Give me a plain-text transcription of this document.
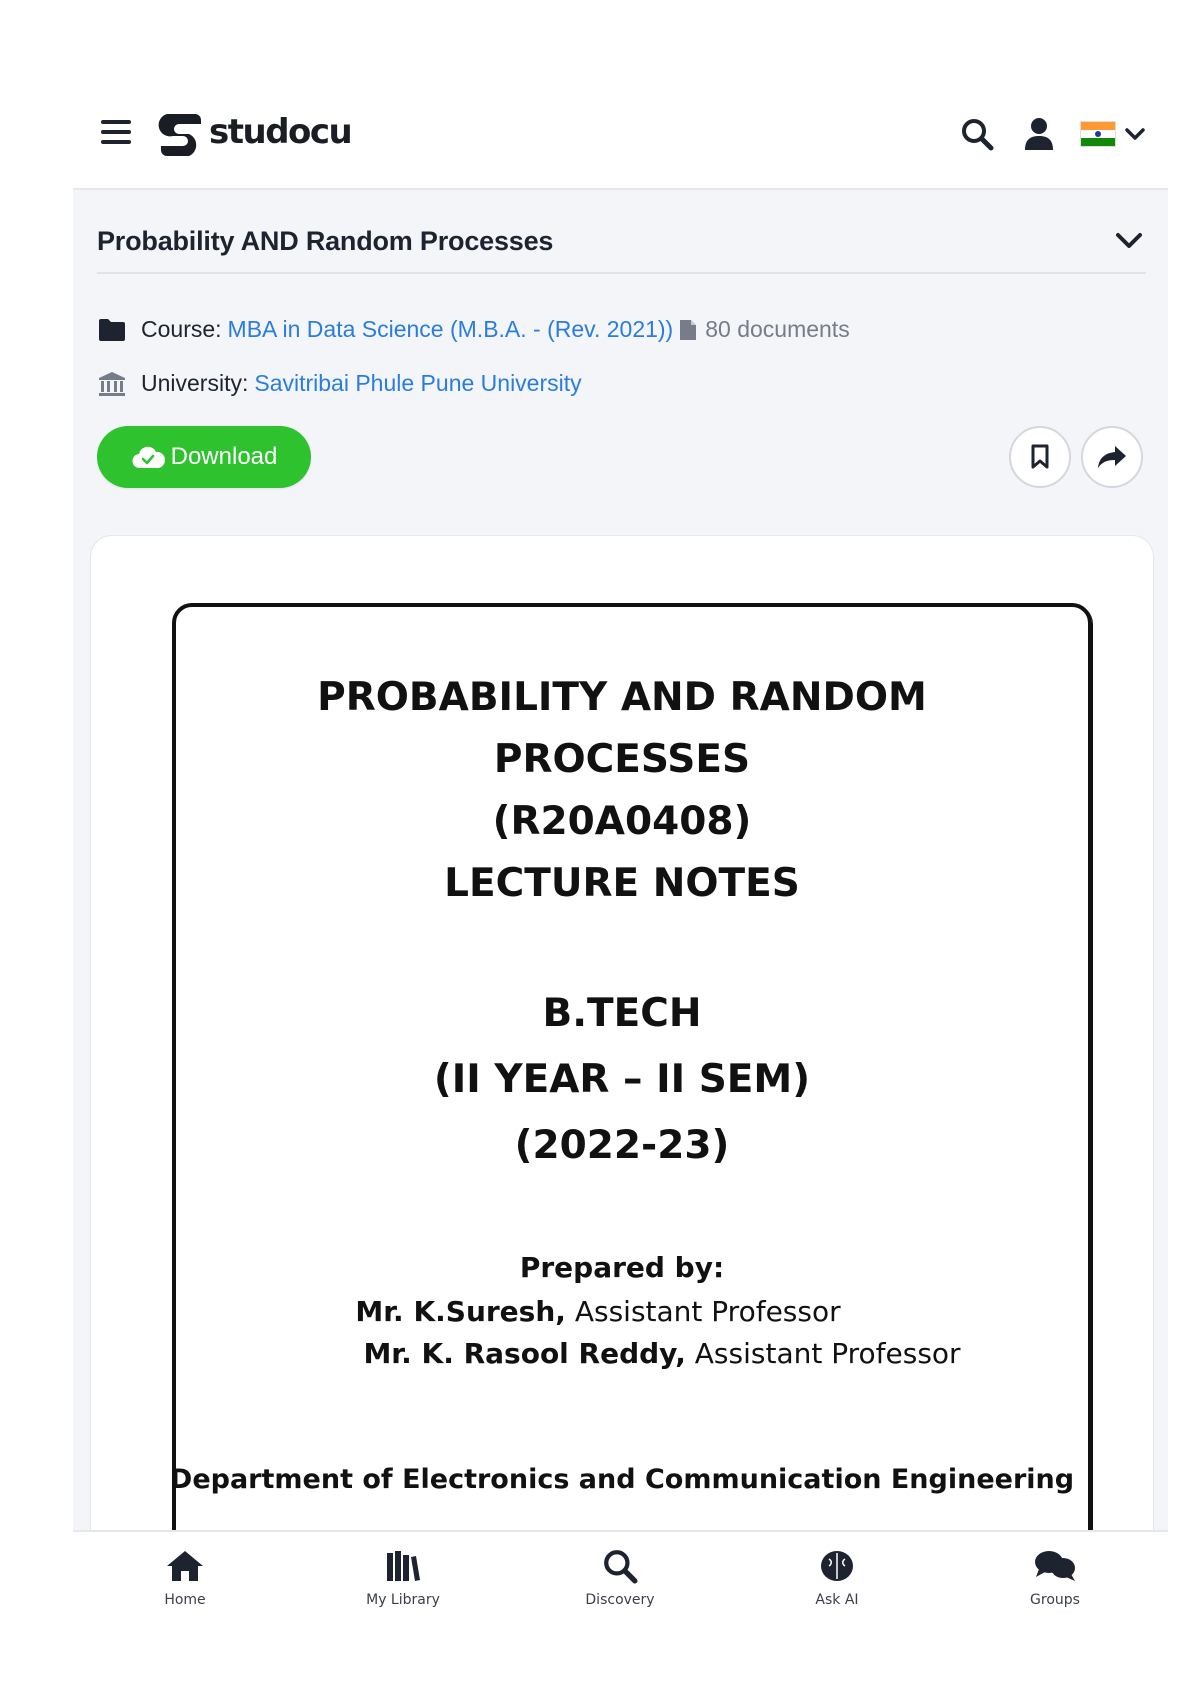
studocu
Probability AND Random Processes
Course: MBA in Data Science (M.B.A. - (Rev. 2021)) 80 documents
University: Savitribai Phule Pune University
Download
PROBABILITY AND RANDOM
PROCESSES
(R20A0408)
LECTURE NOTES
B.TECH
(II YEAR – II SEM)
(2022-23)
Prepared by:
Mr. K.Suresh, Assistant Professor
Mr. K. Rasool Reddy, Assistant Professor
Department of Electronics and Communication Engineering
Home	My Library	Discovery	Ask AI	Groups
